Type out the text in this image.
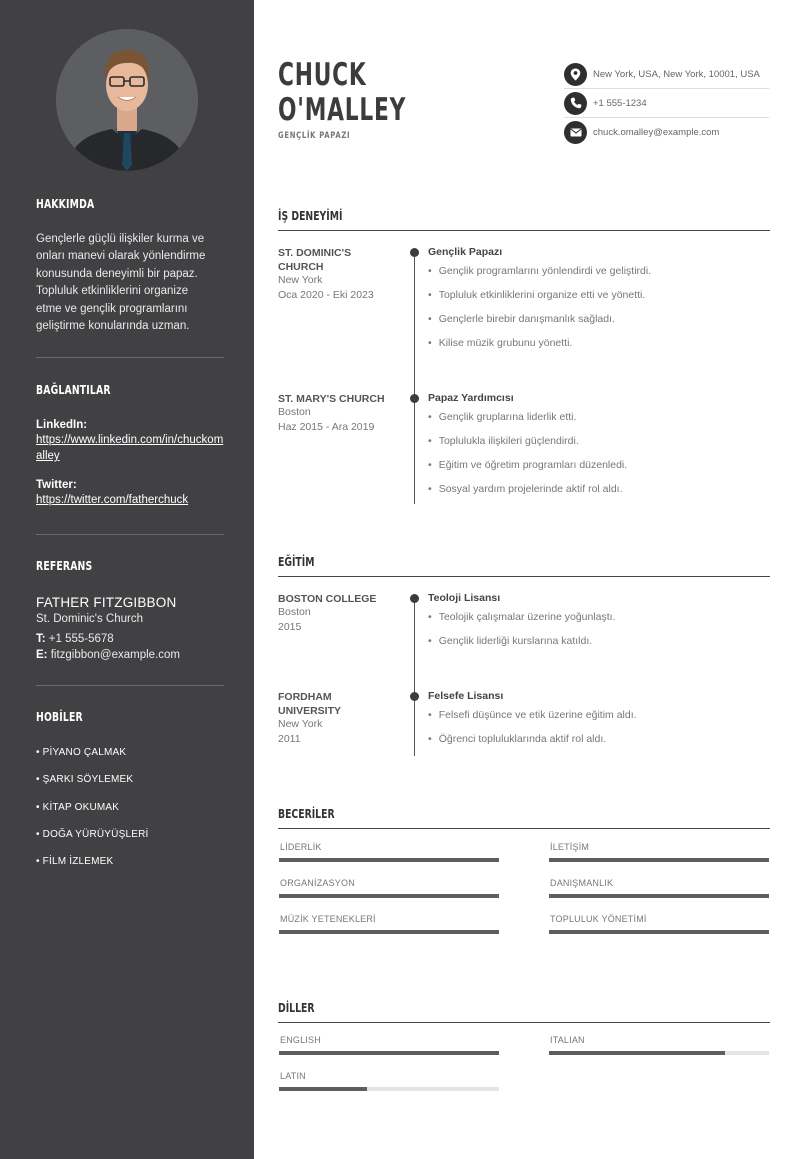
HAKKIMDA
Gençlerle güçlü ilişkiler kurma ve
onları manevi olarak yönlendirme
konusunda deneyimli bir papaz.
Topluluk etkinliklerini organize
etme ve gençlik programlarını
geliştirme konularında uzman.
BAĞLANTILAR
LinkedIn:
https://www.linkedin.com/in/chuckomalley
Twitter:
https://twitter.com/fatherchuck
REFERANS
FATHER FITZGIBBON
St. Dominic's Church
T: +1 555-5678
E: fitzgibbon@example.com
HOBİLER
• PİYANO ÇALMAK
• ŞARKI SÖYLEMEK
• KİTAP OKUMAK
• DOĞA YÜRÜYÜŞLERİ
• FİLM İZLEMEK
CHUCK
O'MALLEY
GENÇLİK PAPAZI
New York, USA, New York, 10001, USA
+1 555-1234
chuck.omalley@example.com
İŞ DENEYİMİ
ST. DOMINIC'S
CHURCH
New York
Oca 2020 - Eki 2023
Gençlik Papazı
• Gençlik programlarını yönlendirdi ve geliştirdi.
• Topluluk etkinliklerini organize etti ve yönetti.
• Gençlerle birebir danışmanlık sağladı.
• Kilise müzik grubunu yönetti.
ST. MARY'S CHURCH
Boston
Haz 2015 - Ara 2019
Papaz Yardımcısı
• Gençlik gruplarına liderlik etti.
• Toplulukla ilişkileri güçlendirdi.
• Eğitim ve öğretim programları düzenledi.
• Sosyal yardım projelerinde aktif rol aldı.
EĞİTİM
BOSTON COLLEGE
Boston
2015
Teoloji Lisansı
• Teolojik çalışmalar üzerine yoğunlaştı.
• Gençlik liderliği kurslarına katıldı.
FORDHAM
UNIVERSITY
New York
2011
Felsefe Lisansı
• Felsefi düşünce ve etik üzerine eğitim aldı.
• Öğrenci topluluklarında aktif rol aldı.
BECERİLER
LİDERLİK	İLETİŞİM
ORGANİZASYON	DANIŞMANLIK
MÜZİK YETENEKLERİ	TOPLULUK YÖNETİMİ
DİLLER
ENGLISH	ITALIAN
LATIN
